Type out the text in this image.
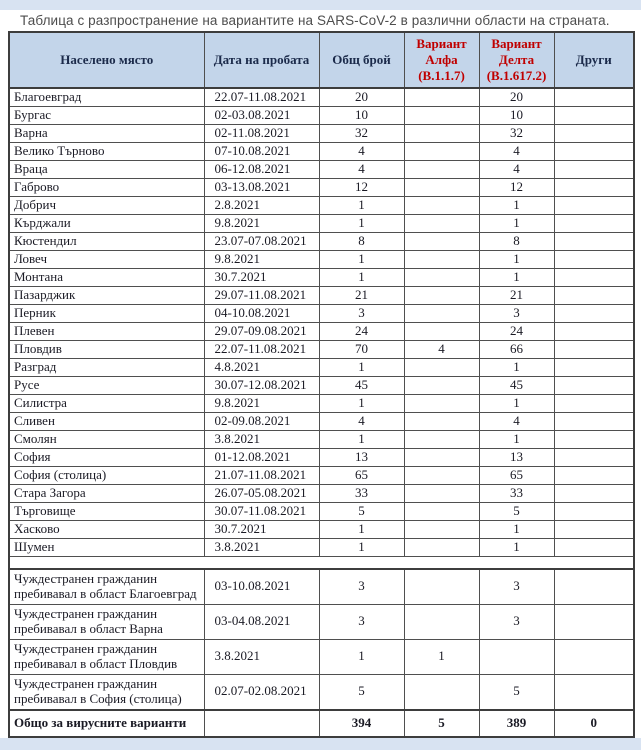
Таблица с разпространение на вариантите на SARS-CoV-2 в различни области на страната.
Населено място	Дата на пробата	Общ брой	Вариант Алфа (B.1.1.7)	Вариант Делта (B.1.617.2)	Други
Благоевград	22.07-11.08.2021	20		20	
Бургас	02-03.08.2021	10		10	
Варна	02-11.08.2021	32		32	
Велико Търново	07-10.08.2021	4		4	
Враца	06-12.08.2021	4		4	
Габрово	03-13.08.2021	12		12	
Добрич	2.8.2021	1		1	
Кърджали	9.8.2021	1		1	
Кюстендил	23.07-07.08.2021	8		8	
Ловеч	9.8.2021	1		1	
Монтана	30.7.2021	1		1	
Пазарджик	29.07-11.08.2021	21		21	
Перник	04-10.08.2021	3		3	
Плевен	29.07-09.08.2021	24		24	
Пловдив	22.07-11.08.2021	70	4	66	
Разград	4.8.2021	1		1	
Русе	30.07-12.08.2021	45		45	
Силистра	9.8.2021	1		1	
Сливен	02-09.08.2021	4		4	
Смолян	3.8.2021	1		1	
София	01-12.08.2021	13		13	
София (столица)	21.07-11.08.2021	65		65	
Стара Загора	26.07-05.08.2021	33		33	
Търговище	30.07-11.08.2021	5		5	
Хасково	30.7.2021	1		1	
Шумен	3.8.2021	1		1	

Чуждестранен гражданин пребивавал в област Благоевград	03-10.08.2021	3		3	
Чуждестранен гражданин пребивавал в област Варна	03-04.08.2021	3		3	
Чуждестранен гражданин пребивавал в област Пловдив	3.8.2021	1	1		
Чуждестранен гражданин пребивавал в София (столица)	02.07-02.08.2021	5		5	
Общо за вирусните варианти		394	5	389	0
